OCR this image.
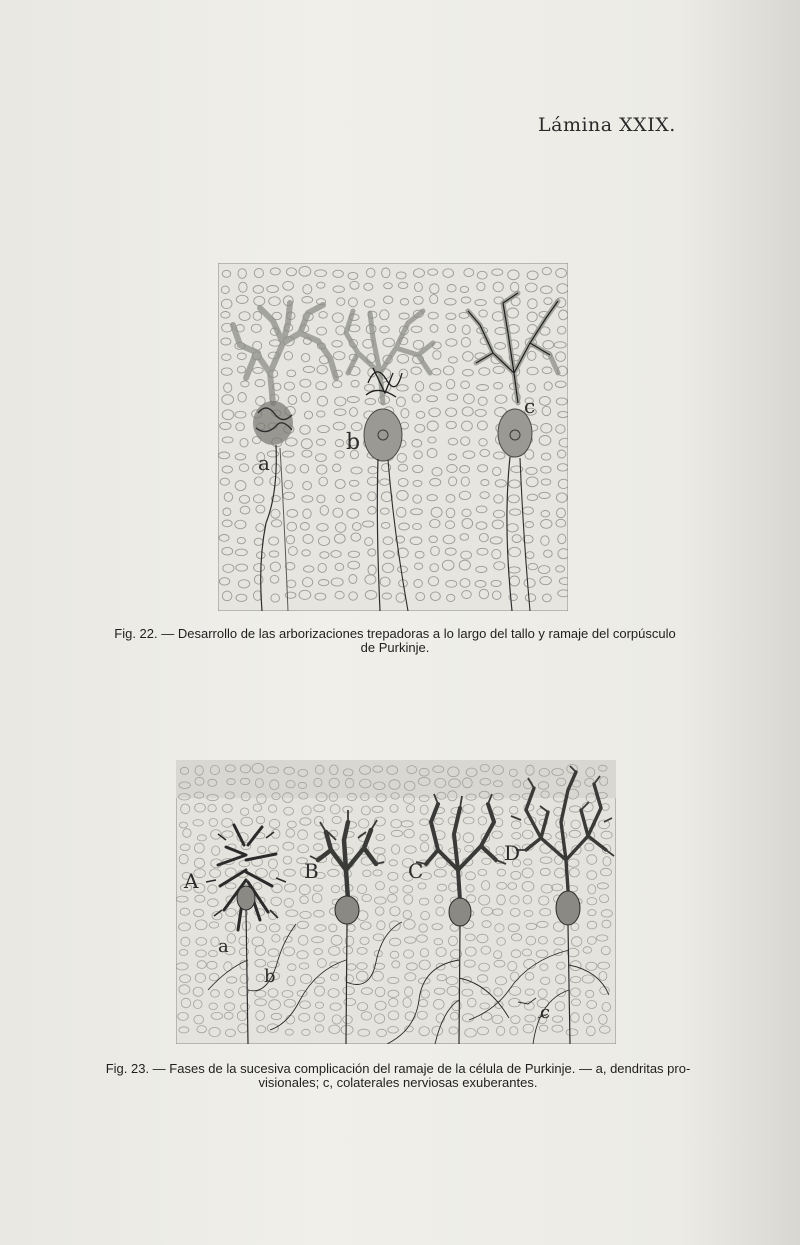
Lámina XXIX.
a
b
c
Fig. 22. — Desarrollo de las arborizaciones trepadoras a lo largo del tallo y ramaje del corpúsculo
de Purkinje.
A
a
b
B	C
D
c
Fig. 23. — Fases de la sucesiva complicación del ramaje de la célula de Purkinje. — a, dendritas pro-
visionales; c, colaterales nerviosas exuberantes.
